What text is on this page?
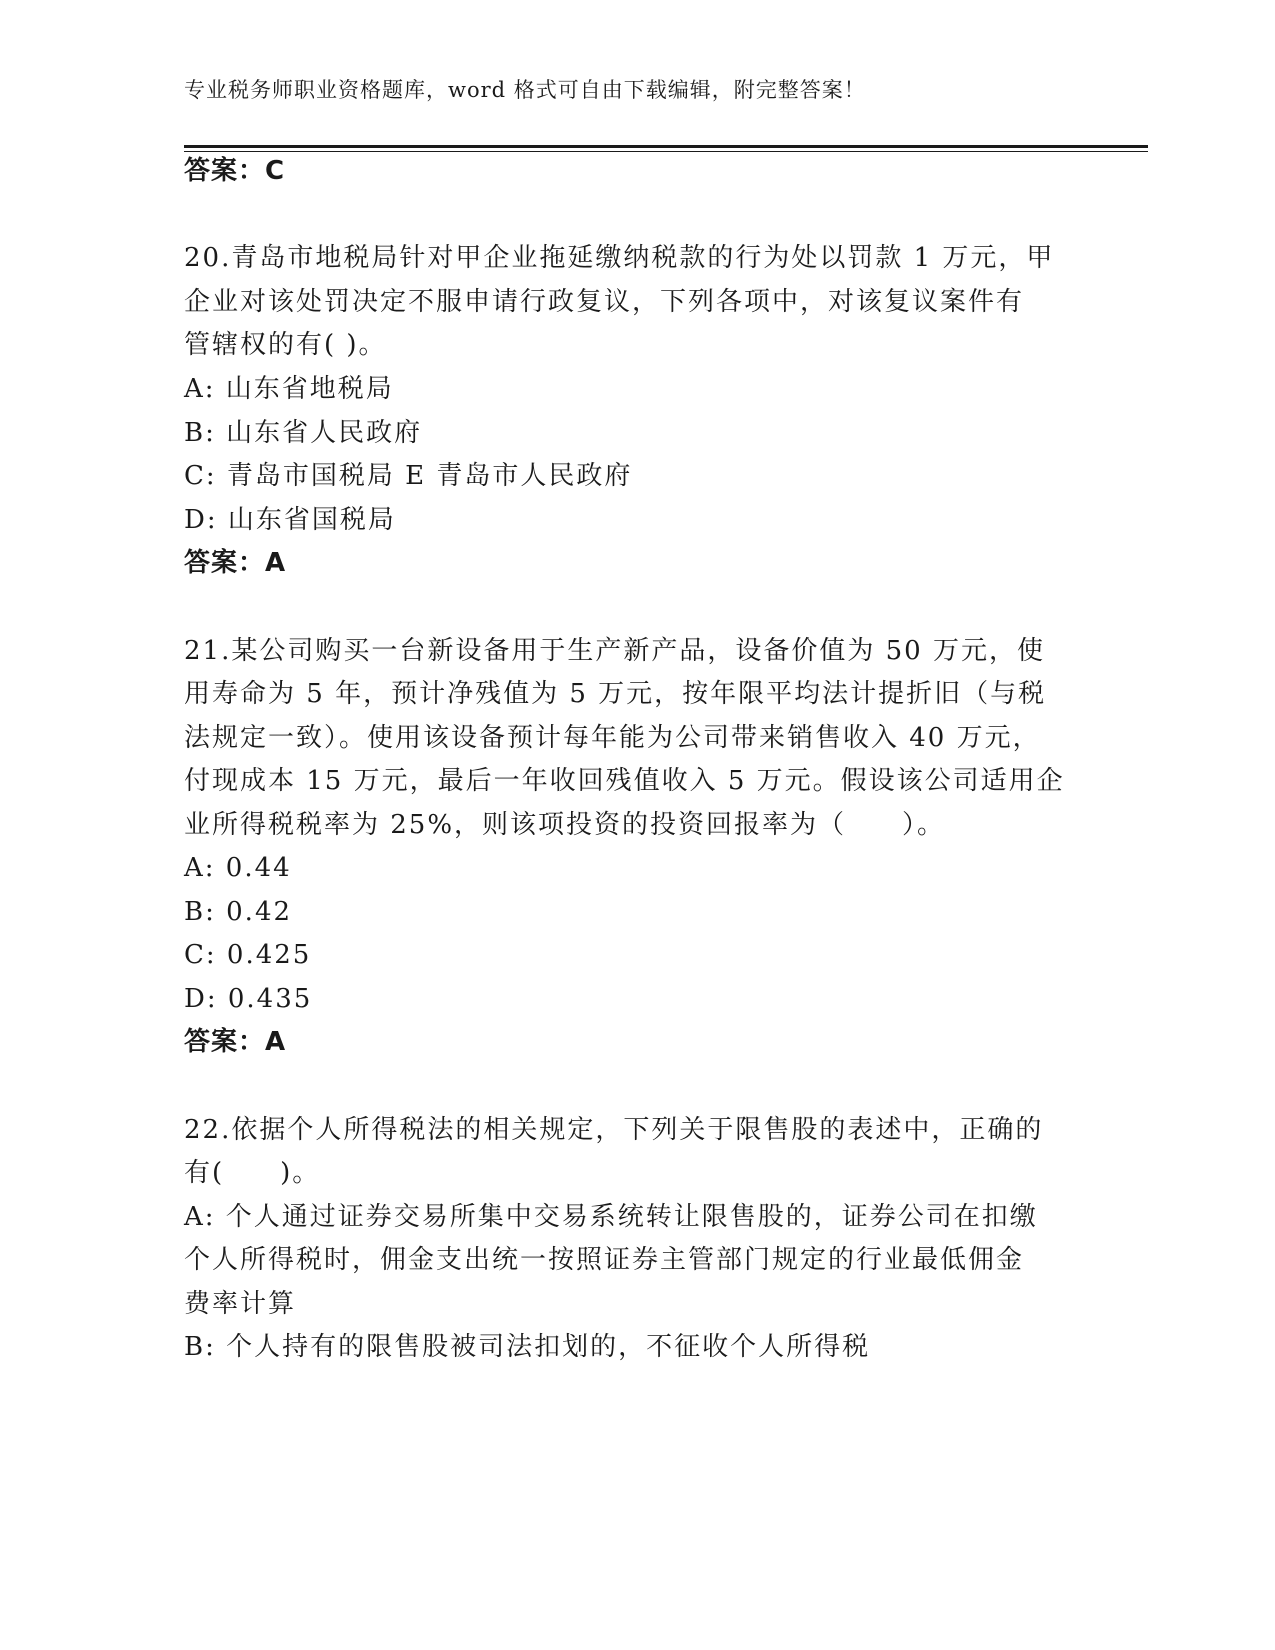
专业税务师职业资格题库，word 格式可自由下载编辑，附完整答案！
答案：C
20.青岛市地税局针对甲企业拖延缴纳税款的行为处以罚款 1 万元，甲
企业对该处罚决定不服申请行政复议，下列各项中，对该复议案件有
管辖权的有( )。
A: 山东省地税局
B: 山东省人民政府
C: 青岛市国税局 E 青岛市人民政府
D: 山东省国税局
答案：A
21.某公司购买一台新设备用于生产新产品，设备价值为 50 万元，使
用寿命为 5 年，预计净残值为 5 万元，按年限平均法计提折旧（与税
法规定一致）。使用该设备预计每年能为公司带来销售收入 40 万元，
付现成本 15 万元，最后一年收回残值收入 5 万元。假设该公司适用企
业所得税税率为 25%，则该项投资的投资回报率为（　　）。
A: 0.44
B: 0.42
C: 0.425
D: 0.435
答案：A
22.依据个人所得税法的相关规定，下列关于限售股的表述中，正确的
有(　　)。
A: 个人通过证券交易所集中交易系统转让限售股的，证券公司在扣缴
个人所得税时，佣金支出统一按照证券主管部门规定的行业最低佣金
费率计算
B: 个人持有的限售股被司法扣划的，不征收个人所得税
